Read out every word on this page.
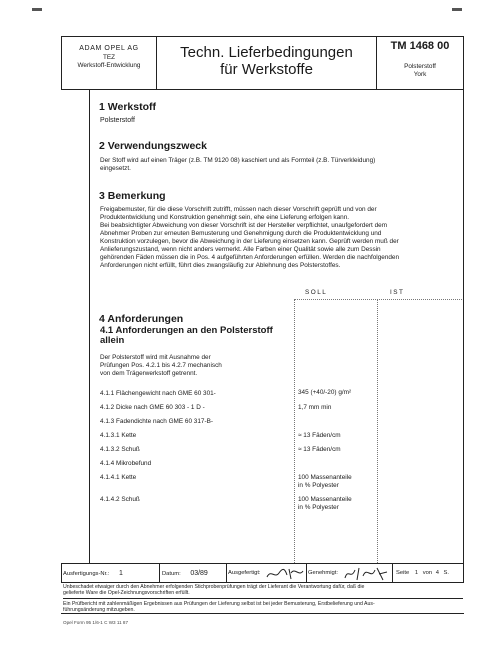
ADAM OPEL AG
TEZ
Werkstoff-Entwicklung
Techn. Lieferbedingungen
für Werkstoffe
TM 1468 00
Polsterstoff
York
1 Werkstoff
Polsterstoff
2 Verwendungszweck
Der Stoff wird auf einen Träger (z.B. TM 9120 08) kaschiert und als Formteil (z.B. Türverkleidung)
eingesetzt.
3 Bemerkung
Freigabemuster, für die diese Vorschrift zutrifft, müssen nach dieser Vorschrift geprüft und von der
Produktentwicklung und Konstruktion genehmigt sein, ehe eine Lieferung erfolgen kann.
Bei beabsichtigter Abweichung von dieser Vorschrift ist der Hersteller verpflichtet, unaufgefordert dem
Abnehmer Proben zur erneuten Bemusterung und Genehmigung durch die Produktentwicklung und
Konstruktion vorzulegen, bevor die Abweichung in der Lieferung einsetzen kann. Geprüft werden muß der
Anlieferungszustand, wenn nicht anders vermerkt. Alle Farben einer Qualität sowie alle zum Dessin
gehörenden Fäden müssen die in Pos. 4 aufgeführten Anforderungen erfüllen. Werden die nachfolgenden
Anforderungen nicht erfüllt, führt dies zwangsläufig zur Ablehnung des Polsterstoffes.
SOLL	IST
4 Anforderungen
4.1 Anforderungen an den Polsterstoff
allein
Der Polsterstoff wird mit Ausnahme der
Prüfungen Pos. 4.2.1 bis 4.2.7 mechanisch
von dem Trägerwerkstoff getrennt.
4.1.1 Flächengewicht nach GME 60 301-	345 (+40/-20) g/m²
4.1.2 Dicke nach GME 60 303 - 1 D -	1,7 mm min
4.1.3 Fadendichte nach GME 60 317-B-
4.1.3.1 Kette	≈ 13 Fäden/cm
4.1.3.2 Schuß	≈ 13 Fäden/cm
4.1.4 Mikrobefund
4.1.4.1 Kette	100 Massenanteile
in % Polyester
4.1.4.2 Schuß	100 Massenanteile
in % Polyester
Ausfertigungs-Nr.: 1	Datum: 03/89	Ausgefertigt:	Genehmigt:	Seite 1 von 4 S.
Unbeschadet etwaiger durch den Abnehmer erfolgenden Stichprobenprüfungen trägt der Lieferant die Verantwortung dafür, daß die
gelieferte Ware die Opel-Zeichnungsvorschriften erfüllt.
Ein Prüfbericht mit zahlenmäßigen Ergebnissen aus Prüfungen der Lieferung selbst ist bei jeder Bemusterung, Erstbelieferung und Aus-
führungsänderung mitzugeben.
Opel Form 95 1/6-1 C W3 11 87
